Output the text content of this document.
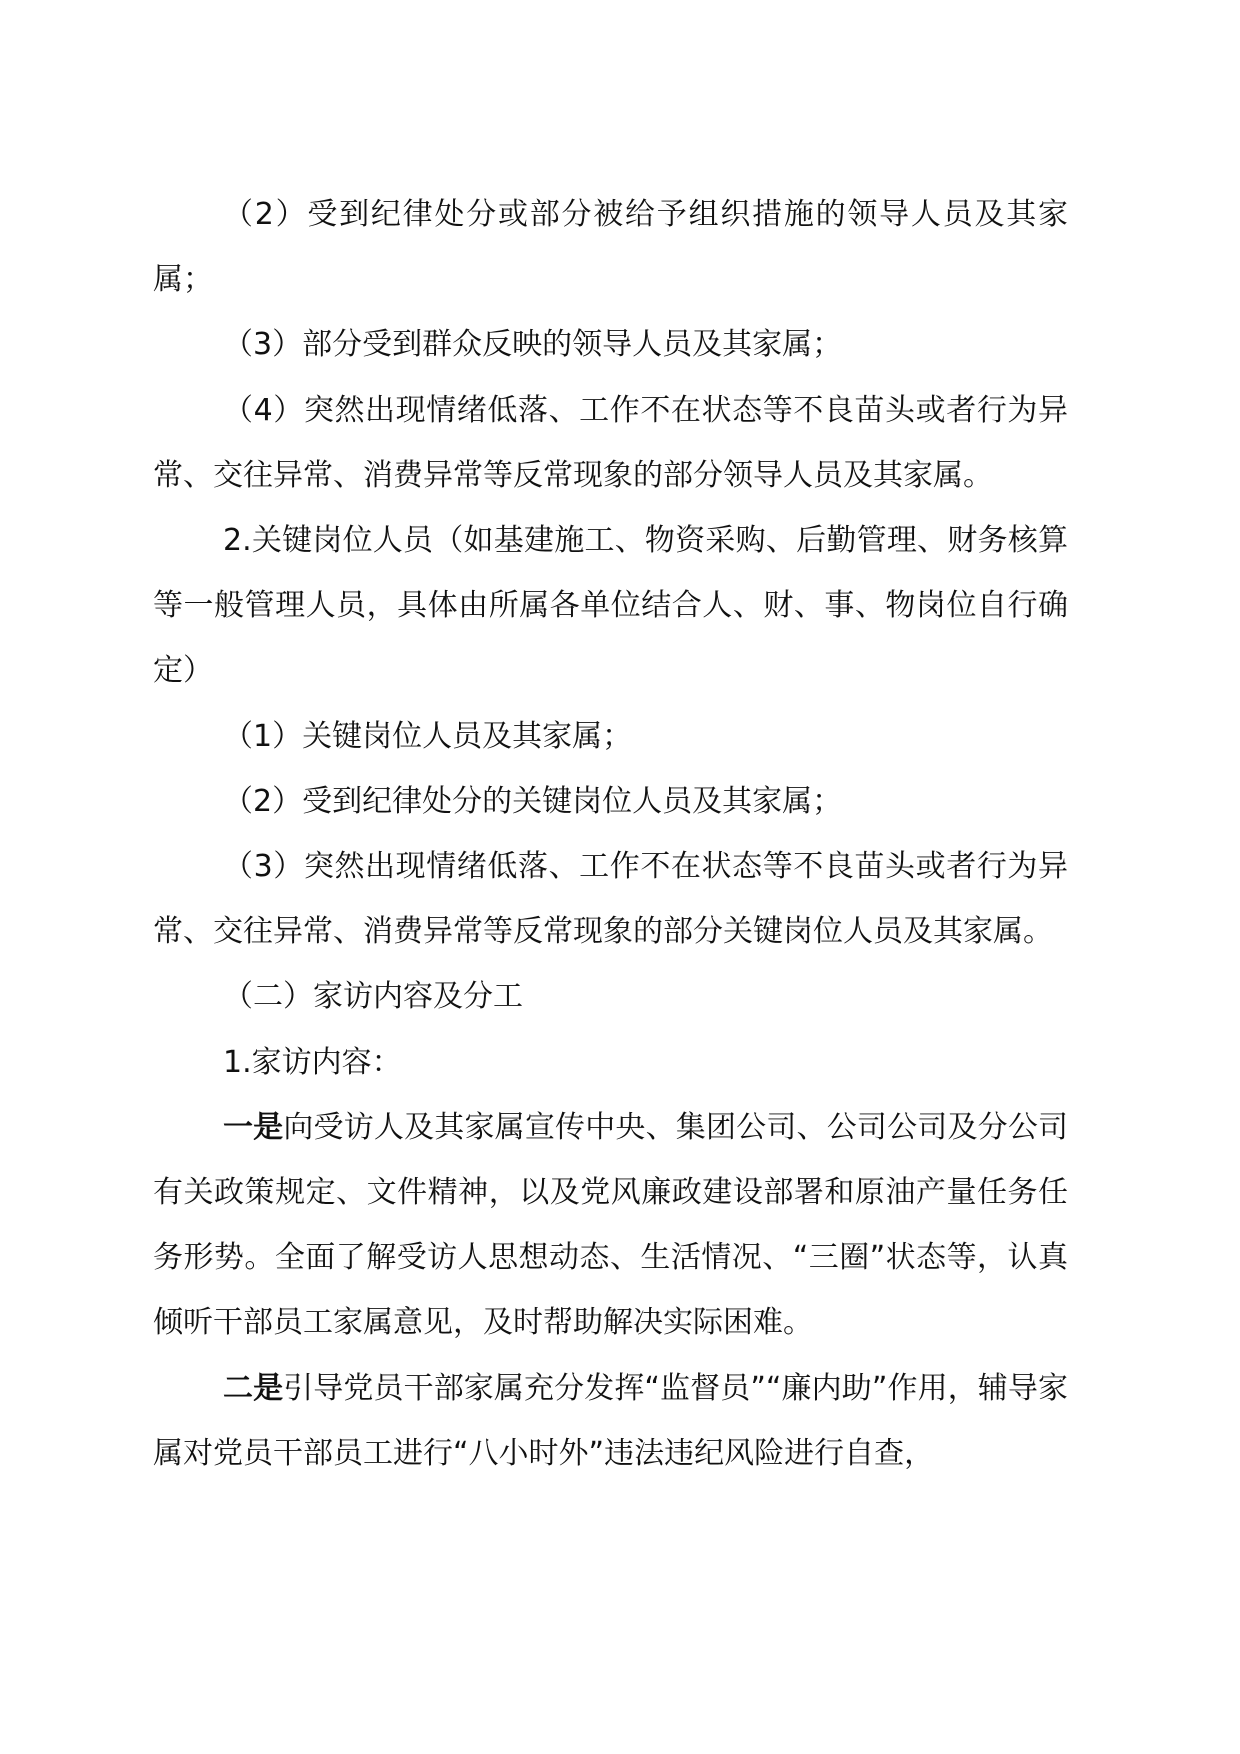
（2）受到纪律处分或部分被给予组织措施的领导人员及其家属；

（3）部分受到群众反映的领导人员及其家属；

（4）突然出现情绪低落、工作不在状态等不良苗头或者行为异常、交往异常、消费异常等反常现象的部分领导人员及其家属。

2.关键岗位人员（如基建施工、物资采购、后勤管理、财务核算等一般管理人员，具体由所属各单位结合人、财、事、物岗位自行确定）

（1）关键岗位人员及其家属；

（2）受到纪律处分的关键岗位人员及其家属；

（3）突然出现情绪低落、工作不在状态等不良苗头或者行为异常、交往异常、消费异常等反常现象的部分关键岗位人员及其家属。

（二）家访内容及分工

1.家访内容：

一是向受访人及其家属宣传中央、集团公司、公司公司及分公司有关政策规定、文件精神，以及党风廉政建设部署和原油产量任务任务形势。全面了解受访人思想动态、生活情况、“三圈”状态等，认真倾听干部员工家属意见，及时帮助解决实际困难。

二是引导党员干部家属充分发挥“监督员”“廉内助”作用，辅导家属对党员干部员工进行“八小时外”违法违纪风险进行自查，
